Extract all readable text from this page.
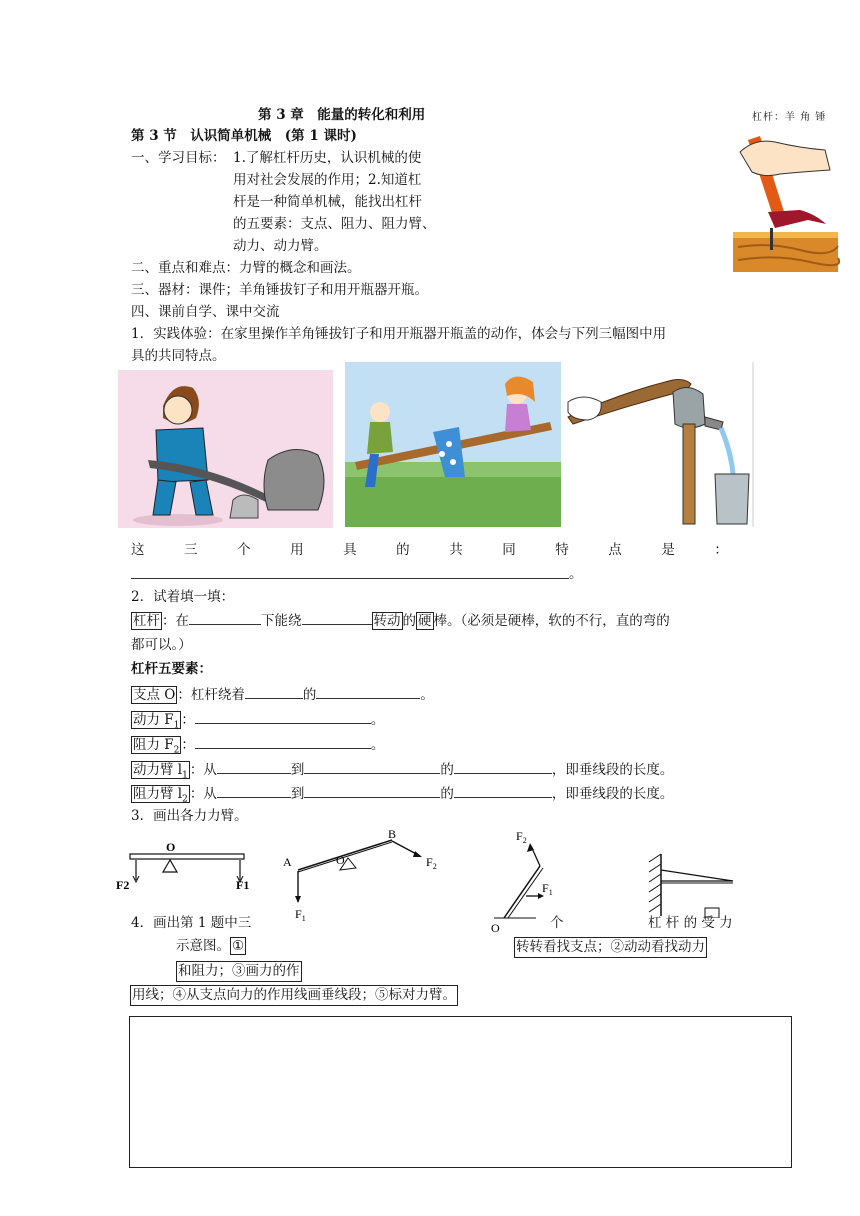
第 3 章　能量的转化和利用
第 3 节　认识简单机械　(第 1 课时)
杠杆：羊 角 锤
一、学习目标： 1.了解杠杆历史，认识机械的使
用对社会发展的作用；2.知道杠
杆是一种简单机械，能找出杠杆
的五要素：支点、阻力、阻力臂、
动力、动力臂。
二、重点和难点：力臂的概念和画法。
三、器材：课件；羊角锤拔钉子和用开瓶器开瓶。
四、课前自学、课中交流
1．实践体验：在家里操作羊角锤拔钉子和用开瓶器开瓶盖的动作，体会与下列三幅图中用
具的共同特点。
这	三	个	用	具	的	共	同	特	点	是	：
。
2．试着填一填：
杠杆 ：在	下能绕	转动 的 硬 棒。（必须是硬棒，软的不行，直的弯的
都可以。）
杠杆五要素：
支点 O ：杠杆绕着	的	。
动力 $F_1$ ：	。
阻力 $F_2$ ：	。
动力臂 $l_1$ ：从	到	的	，即垂线段的长度。
阻力臂 $l_2$ ：从	到	的	，即垂线段的长度。
3．画出各力力臂。
O
F2	F1
A
B
O
$F_1$
$F_2$
O
$F_2$
$F_1$
4．画出第 1 题中三	个	杠 杆 的 受 力
示意图。 ①	转转看找支点；②动动看找动力
和阻力；③画力的作
用线；④从支点向力的作用线画垂线段；⑤标对力臂。
